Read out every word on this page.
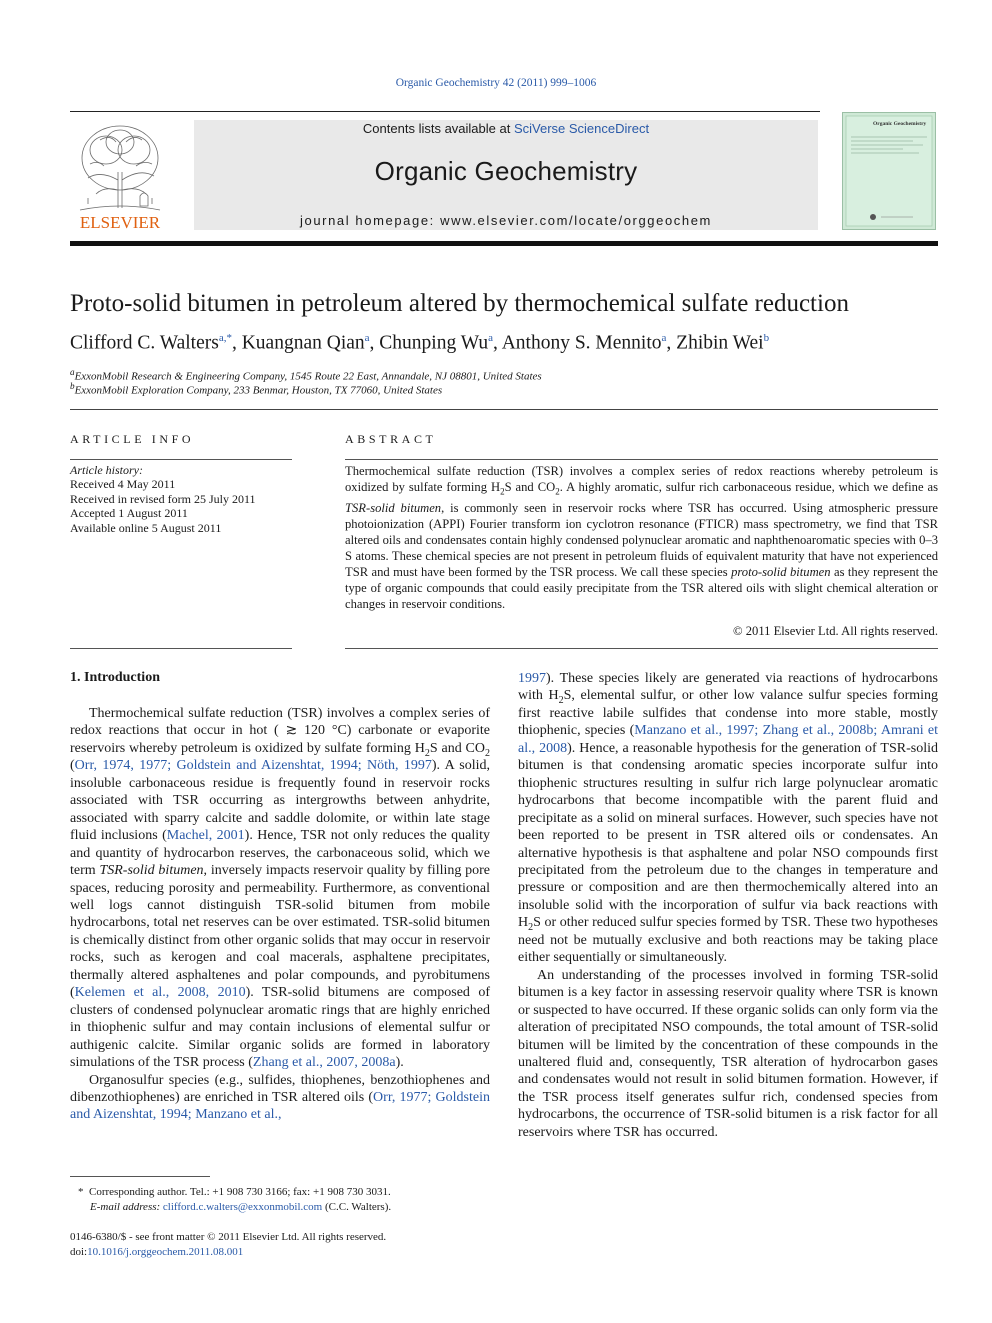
Organic Geochemistry 42 (2011) 999–1006
ELSEVIER
Contents lists available at SciVerse ScienceDirect
Organic Geochemistry
journal homepage: www.elsevier.com/locate/orggeochem
Organic Geochemistry
Proto-solid bitumen in petroleum altered by thermochemical sulfate reduction
Clifford C. Walters$^{a,*}$, Kuangnan Qian$^a$, Chunping Wu$^a$, Anthony S. Mennito$^a$, Zhibin Wei$^b$
$^a$ExxonMobil Research & Engineering Company, 1545 Route 22 East, Annandale, NJ 08801, United States
$^b$ExxonMobil Exploration Company, 233 Benmar, Houston, TX 77060, United States
ARTICLE INFO	ABSTRACT
Article history:
Received 4 May 2011
Received in revised form 25 July 2011
Accepted 1 August 2011
Available online 5 August 2011
Thermochemical sulfate reduction (TSR) involves a complex series of redox reactions whereby petroleum is oxidized by sulfate forming $H_2S$ and $CO_2$. A highly aromatic, sulfur rich carbonaceous residue, which we define as TSR-solid bitumen, is commonly seen in reservoir rocks where TSR has occurred. Using atmospheric pressure photoionization (APPI) Fourier transform ion cyclotron resonance (FTICR) mass spectrometry, we find that TSR altered oils and condensates contain highly condensed polynuclear aromatic and naphthenoaromatic species with 0–3 S atoms. These chemical species are not present in petroleum fluids of equivalent maturity that have not experienced TSR and must have been formed by the TSR process. We call these species proto-solid bitumen as they represent the type of organic compounds that could easily precipitate from the TSR altered oils with slight chemical alteration or changes in reservoir conditions.
© 2011 Elsevier Ltd. All rights reserved.
1. Introduction

Thermochemical sulfate reduction (TSR) involves a complex series of redox reactions that occur in hot ( ≳ 120 °C) carbonate or evaporite reservoirs whereby petroleum is oxidized by sulfate forming $H_2S$ and $CO_2$ (Orr, 1974, 1977; Goldstein and Aizenshtat, 1994; Nöth, 1997). A solid, insoluble carbonaceous residue is frequently found in reservoir rocks associated with TSR occurring as intergrowths between anhydrite, associated with sparry calcite and saddle dolomite, or within late stage fluid inclusions (Machel, 2001). Hence, TSR not only reduces the quality and quantity of hydrocarbon reserves, the carbonaceous solid, which we term TSR-solid bitumen, inversely impacts reservoir quality by filling pore spaces, reducing porosity and permeability. Furthermore, as conventional well logs cannot distinguish TSR-solid bitumen from mobile hydrocarbons, total net reserves can be over estimated. TSR-solid bitumen is chemically distinct from other organic solids that may occur in reservoir rocks, such as kerogen and coal macerals, asphaltene precipitates, thermally altered asphaltenes and polar compounds, and pyrobitumens (Kelemen et al., 2008, 2010). TSR-solid bitumens are composed of clusters of condensed polynuclear aromatic rings that are highly enriched in thiophenic sulfur and may contain inclusions of elemental sulfur or authigenic calcite. Similar organic solids are formed in laboratory simulations of the TSR process (Zhang et al., 2007, 2008a).

Organosulfur species (e.g., sulfides, thiophenes, benzothiophenes and dibenzothiophenes) are enriched in TSR altered oils (Orr, 1977; Goldstein and Aizenshtat, 1994; Manzano et al.,

1997). These species likely are generated via reactions of hydrocarbons with $H_2S$, elemental sulfur, or other low valance sulfur species forming first reactive labile sulfides that condense into more stable, mostly thiophenic, species (Manzano et al., 1997; Zhang et al., 2008b; Amrani et al., 2008). Hence, a reasonable hypothesis for the generation of TSR-solid bitumen is that condensing aromatic species incorporate sulfur into thiophenic structures resulting in sulfur rich large polynuclear aromatic hydrocarbons that become incompatible with the parent fluid and precipitate as a solid on mineral surfaces. However, such species have not been reported to be present in TSR altered oils or condensates. An alternative hypothesis is that asphaltene and polar NSO compounds first precipitated from the petroleum due to the changes in temperature and pressure or composition and are then thermochemically altered into an insoluble solid with the incorporation of sulfur via back reactions with $H_2S$ or other reduced sulfur species formed by TSR. These two hypotheses need not be mutually exclusive and both reactions may be taking place either sequentially or simultaneously.

An understanding of the processes involved in forming TSR-solid bitumen is a key factor in assessing reservoir quality where TSR is known or suspected to have occurred. If these organic solids can only form via the alteration of precipitated NSO compounds, the total amount of TSR-solid bitumen will be limited by the concentration of these compounds in the unaltered fluid and, consequently, TSR alteration of hydrocarbon gases and condensates would not result in solid bitumen formation. However, if the TSR process itself generates sulfur rich, condensed species from hydrocarbons, the occurrence of TSR-solid bitumen is a risk factor for all reservoirs where TSR has occurred.

*  Corresponding author. Tel.: +1 908 730 3166; fax: +1 908 730 3031.
E-mail address: clifford.c.walters@exxonmobil.com (C.C. Walters).
0146-6380/$ - see front matter © 2011 Elsevier Ltd. All rights reserved.
doi:10.1016/j.orggeochem.2011.08.001
